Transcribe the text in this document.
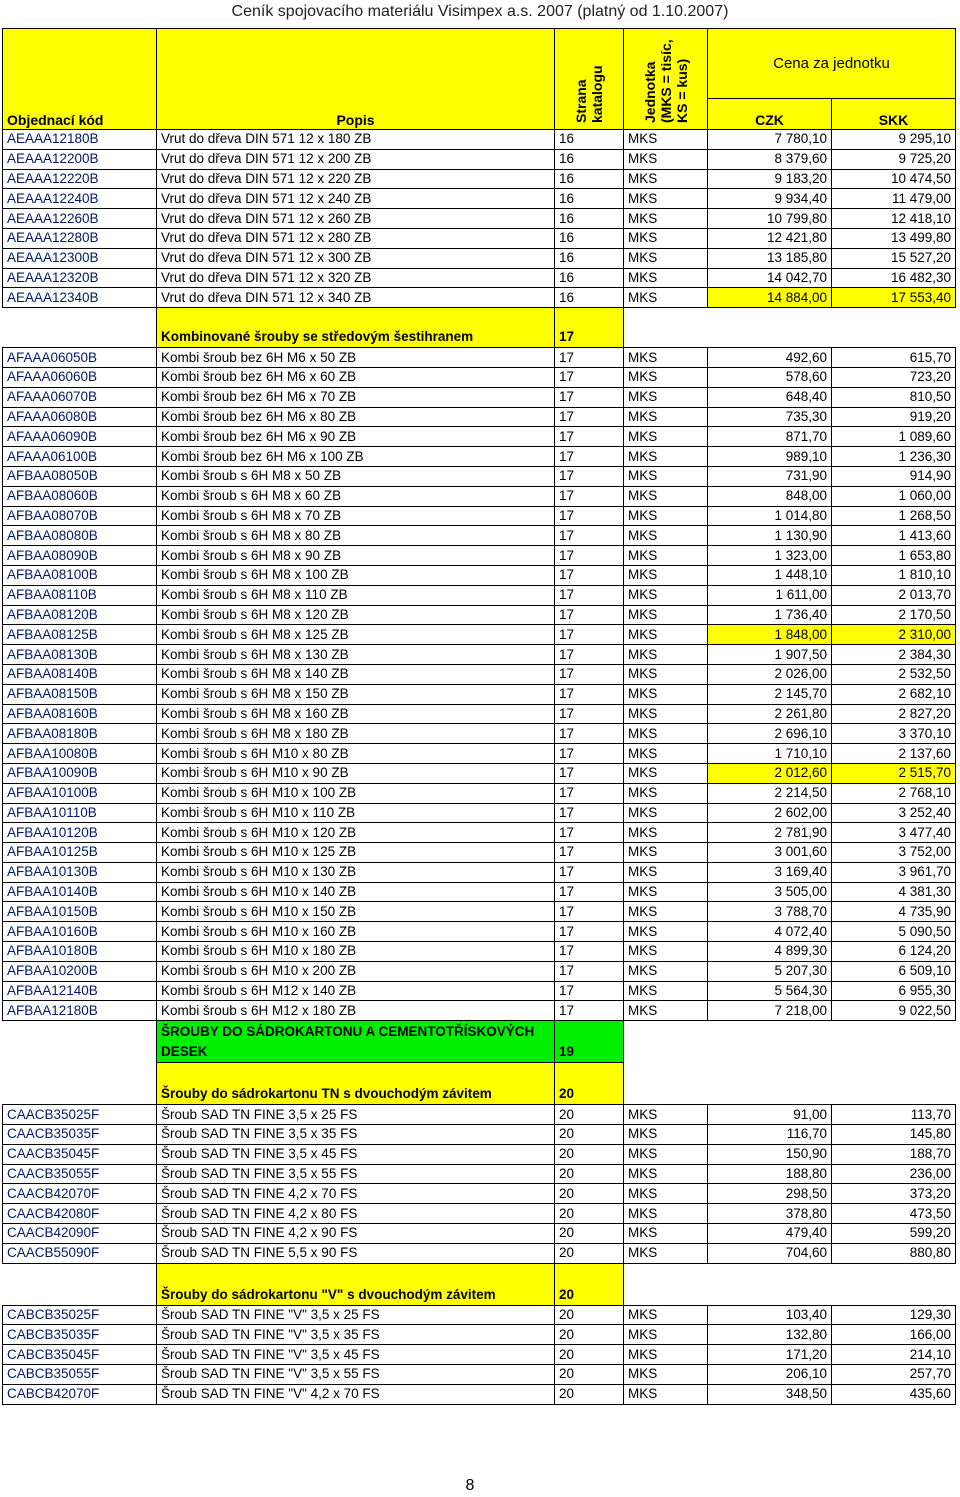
Ceník spojovacího materiálu Visimpex a.s. 2007 (platný od 1.10.2007)
Objednací kód	Popis	Strana katalogu	Jednotka (MKS = tisíc, KS = kus)	Cena za jednotku	
				CZK	SKK
AEAAA12180B	Vrut do dřeva DIN 571 12 x 180 ZB	16	MKS	7 780,10	9 295,10
AEAAA12200B	Vrut do dřeva DIN 571 12 x 200 ZB	16	MKS	8 379,60	9 725,20
AEAAA12220B	Vrut do dřeva DIN 571 12 x 220 ZB	16	MKS	9 183,20	10 474,50
AEAAA12240B	Vrut do dřeva DIN 571 12 x 240 ZB	16	MKS	9 934,40	11 479,00
AEAAA12260B	Vrut do dřeva DIN 571 12 x 260 ZB	16	MKS	10 799,80	12 418,10
AEAAA12280B	Vrut do dřeva DIN 571 12 x 280 ZB	16	MKS	12 421,80	13 499,80
AEAAA12300B	Vrut do dřeva DIN 571 12 x 300 ZB	16	MKS	13 185,80	15 527,20
AEAAA12320B	Vrut do dřeva DIN 571 12 x 320 ZB	16	MKS	14 042,70	16 482,30
AEAAA12340B	Vrut do dřeva DIN 571 12 x 340 ZB	16	MKS	14 884,00	17 553,40
	Kombinované šrouby se středovým šestihranem	17			
AFAAA06050B	Kombi šroub bez 6H M6 x 50 ZB	17	MKS	492,60	615,70
AFAAA06060B	Kombi šroub bez 6H M6 x 60 ZB	17	MKS	578,60	723,20
AFAAA06070B	Kombi šroub bez 6H M6 x 70 ZB	17	MKS	648,40	810,50
AFAAA06080B	Kombi šroub bez 6H M6 x 80 ZB	17	MKS	735,30	919,20
AFAAA06090B	Kombi šroub bez 6H M6 x 90 ZB	17	MKS	871,70	1 089,60
AFAAA06100B	Kombi šroub bez 6H M6 x 100 ZB	17	MKS	989,10	1 236,30
AFBAA08050B	Kombi šroub s 6H M8 x 50 ZB	17	MKS	731,90	914,90
AFBAA08060B	Kombi šroub s 6H M8 x 60 ZB	17	MKS	848,00	1 060,00
AFBAA08070B	Kombi šroub s 6H M8 x 70 ZB	17	MKS	1 014,80	1 268,50
AFBAA08080B	Kombi šroub s 6H M8 x 80 ZB	17	MKS	1 130,90	1 413,60
AFBAA08090B	Kombi šroub s 6H M8 x 90 ZB	17	MKS	1 323,00	1 653,80
AFBAA08100B	Kombi šroub s 6H M8 x 100 ZB	17	MKS	1 448,10	1 810,10
AFBAA08110B	Kombi šroub s 6H M8 x 110 ZB	17	MKS	1 611,00	2 013,70
AFBAA08120B	Kombi šroub s 6H M8 x 120 ZB	17	MKS	1 736,40	2 170,50
AFBAA08125B	Kombi šroub s 6H M8 x 125 ZB	17	MKS	1 848,00	2 310,00
AFBAA08130B	Kombi šroub s 6H M8 x 130 ZB	17	MKS	1 907,50	2 384,30
AFBAA08140B	Kombi šroub s 6H M8 x 140 ZB	17	MKS	2 026,00	2 532,50
AFBAA08150B	Kombi šroub s 6H M8 x 150 ZB	17	MKS	2 145,70	2 682,10
AFBAA08160B	Kombi šroub s 6H M8 x 160 ZB	17	MKS	2 261,80	2 827,20
AFBAA08180B	Kombi šroub s 6H M8 x 180 ZB	17	MKS	2 696,10	3 370,10
AFBAA10080B	Kombi šroub s 6H M10 x 80 ZB	17	MKS	1 710,10	2 137,60
AFBAA10090B	Kombi šroub s 6H M10 x 90 ZB	17	MKS	2 012,60	2 515,70
AFBAA10100B	Kombi šroub s 6H M10 x 100 ZB	17	MKS	2 214,50	2 768,10
AFBAA10110B	Kombi šroub s 6H M10 x 110 ZB	17	MKS	2 602,00	3 252,40
AFBAA10120B	Kombi šroub s 6H M10 x 120 ZB	17	MKS	2 781,90	3 477,40
AFBAA10125B	Kombi šroub s 6H M10 x 125 ZB	17	MKS	3 001,60	3 752,00
AFBAA10130B	Kombi šroub s 6H M10 x 130 ZB	17	MKS	3 169,40	3 961,70
AFBAA10140B	Kombi šroub s 6H M10 x 140 ZB	17	MKS	3 505,00	4 381,30
AFBAA10150B	Kombi šroub s 6H M10 x 150 ZB	17	MKS	3 788,70	4 735,90
AFBAA10160B	Kombi šroub s 6H M10 x 160 ZB	17	MKS	4 072,40	5 090,50
AFBAA10180B	Kombi šroub s 6H M10 x 180 ZB	17	MKS	4 899,30	6 124,20
AFBAA10200B	Kombi šroub s 6H M10 x 200 ZB	17	MKS	5 207,30	6 509,10
AFBAA12140B	Kombi šroub s 6H M12 x 140 ZB	17	MKS	5 564,30	6 955,30
AFBAA12180B	Kombi šroub s 6H M12 x 180 ZB	17	MKS	7 218,00	9 022,50
	ŠROUBY DO SÁDROKARTONU A CEMENTOTŘÍSKOVÝCH DESEK	19			
	Šrouby do sádrokartonu TN s dvouchodým závitem	20			
CAACB35025F	Šroub SAD TN FINE 3,5 x 25 FS	20	MKS	91,00	113,70
CAACB35035F	Šroub SAD TN FINE 3,5 x 35 FS	20	MKS	116,70	145,80
CAACB35045F	Šroub SAD TN FINE 3,5 x 45 FS	20	MKS	150,90	188,70
CAACB35055F	Šroub SAD TN FINE 3,5 x 55 FS	20	MKS	188,80	236,00
CAACB42070F	Šroub SAD TN FINE 4,2 x 70 FS	20	MKS	298,50	373,20
CAACB42080F	Šroub SAD TN FINE 4,2 x 80 FS	20	MKS	378,80	473,50
CAACB42090F	Šroub SAD TN FINE 4,2 x 90 FS	20	MKS	479,40	599,20
CAACB55090F	Šroub SAD TN FINE 5,5 x 90 FS	20	MKS	704,60	880,80
	Šrouby do sádrokartonu "V" s dvouchodým závitem	20			
CABCB35025F	Šroub SAD TN FINE "V" 3,5 x 25 FS	20	MKS	103,40	129,30
CABCB35035F	Šroub SAD TN FINE "V" 3,5 x 35 FS	20	MKS	132,80	166,00
CABCB35045F	Šroub SAD TN FINE "V" 3,5 x 45 FS	20	MKS	171,20	214,10
CABCB35055F	Šroub SAD TN FINE "V" 3,5 x 55 FS	20	MKS	206,10	257,70
CABCB42070F	Šroub SAD TN FINE "V" 4,2 x 70 FS	20	MKS	348,50	435,60
8
